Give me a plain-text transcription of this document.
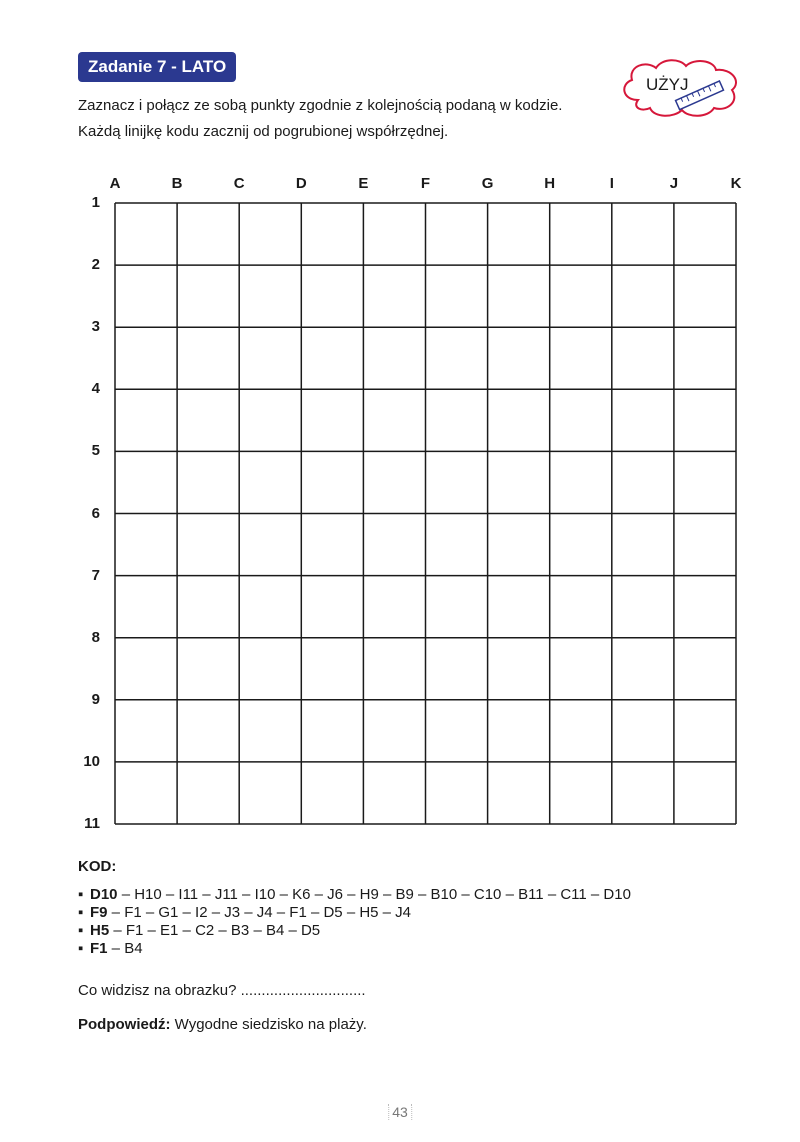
Zadanie 7 - LATO
Zaznacz i połącz ze sobą punkty zgodnie z kolejnością podaną w kodzie.
Każdą linijkę kodu zacznij od pogrubionej współrzędnej.
UŻYJ
A	B	C	D	E	F	G	H	I	J	K
1
2
3
4
5
6
7
8
9
10
11
KOD:
▪ D10 – H10 – I11 – J11 – I10 – K6 – J6 – H9 – B9 – B10 – C10 – B11 – C11 – D10
▪ F9 – F1 – G1 – I2 – J3 – J4 – F1 – D5 – H5 – J4
▪ H5 – F1 – E1 – C2 – B3 – B4 – D5
▪ F1 – B4
Co widzisz na obrazku? ..............................
Podpowiedź: Wygodne siedzisko na plaży.
43
